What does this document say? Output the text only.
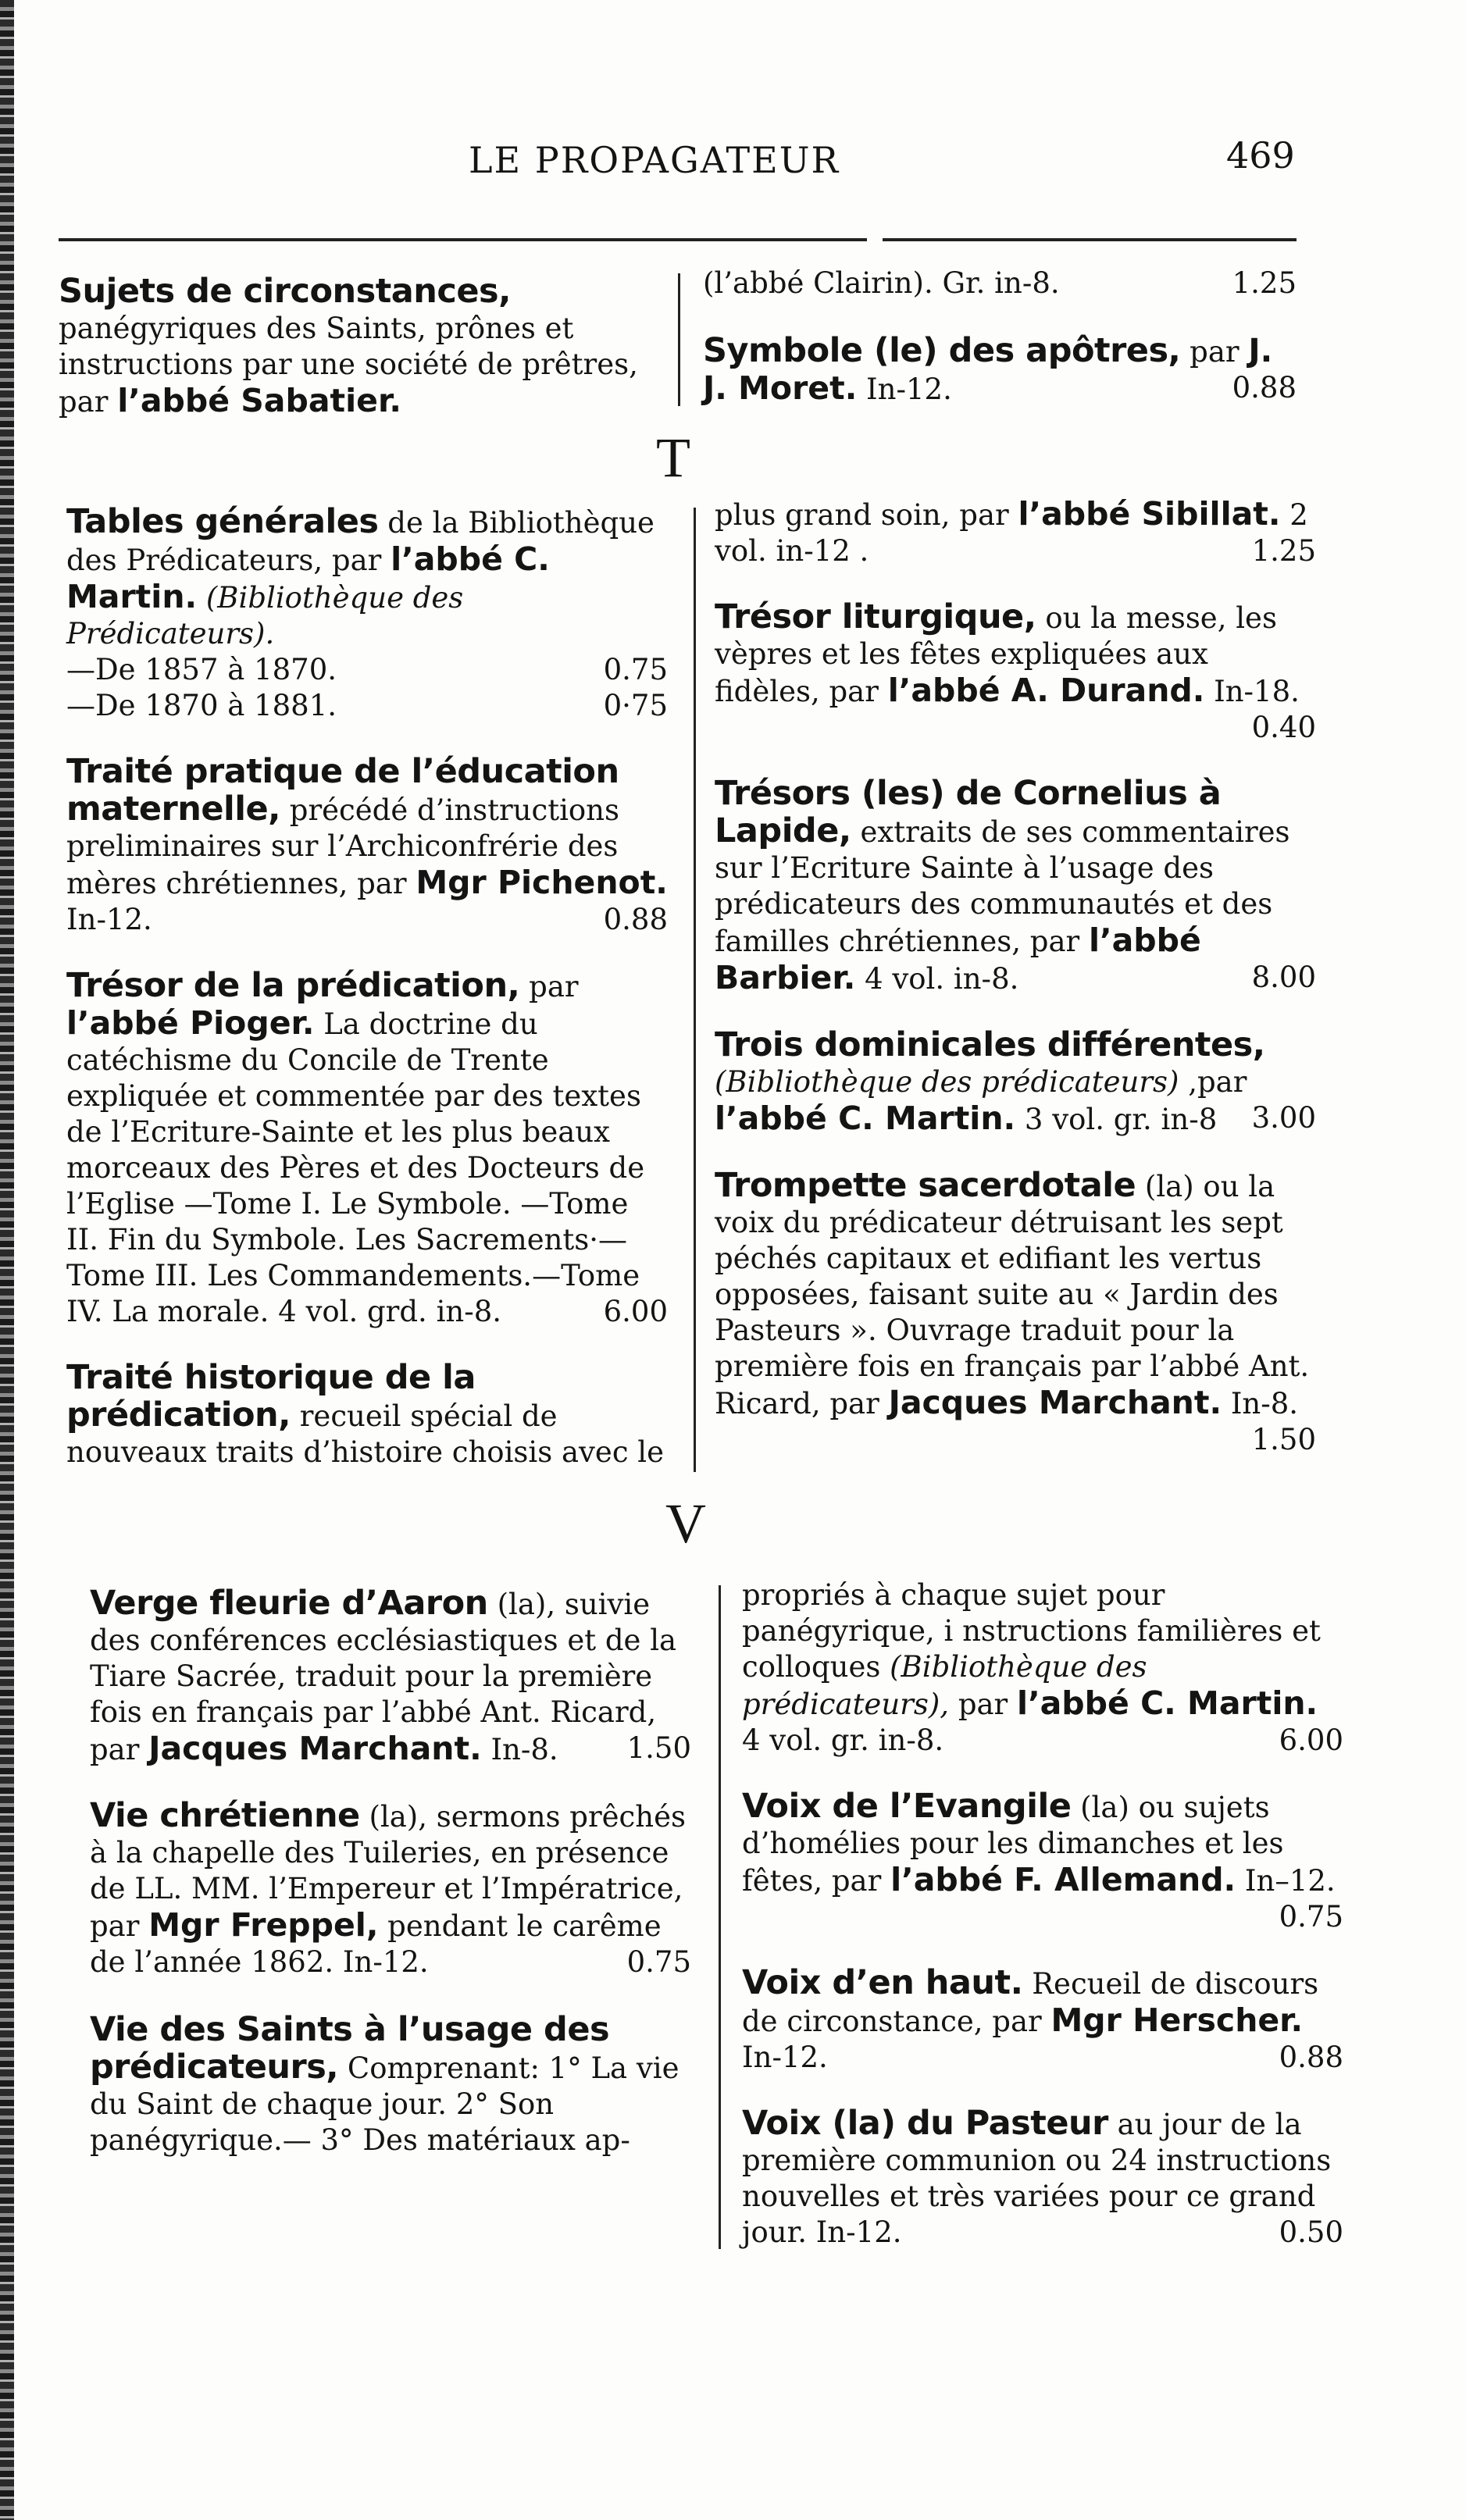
LE PROPAGATEUR	469
Sujets de circonstances, panégyriques des Saints, prônes et instructions par une société de prêtres, par l’abbé Sabatier.
(l’abbé Clairin). Gr. in-8.	1.25
Symbole (le) des apôtres, par J. J. Moret. In-12.	0.88
T
Tables générales de la Bibliothèque des Prédicateurs, par l’abbé C. Martin. (Bibliothèque des Prédicateurs).
—De 1857 à 1870.	0.75
—De 1870 à 1881.	0·75
Traité pratique de l’éducation maternelle, précédé d’instructions preliminaires sur l’Archiconfrérie des mères chrétiennes, par Mgr Pichenot. In-12.	0.88
Trésor de la prédication, par l’abbé Pioger. La doctrine du catéchisme du Concile de Trente expliquée et commentée par des textes de l’Ecriture-Sainte et les plus beaux morceaux des Pères et des Docteurs de l’Eglise —Tome I. Le Symbole. —Tome II. Fin du Symbole. Les Sacrements·—Tome III. Les Commandements.—Tome IV. La morale. 4 vol. grd. in-8.	6.00
Traité historique de la prédication, recueil spécial de nouveaux traits d’histoire choisis avec le
plus grand soin, par l’abbé Sibillat. 2 vol. in-12 .	1.25
Trésor liturgique, ou la messe, les vèpres et les fêtes expliquées aux fidèles, par l’abbé A. Durand. In-18.
0.40
Trésors (les) de Cornelius à Lapide, extraits de ses commentaires sur l’Ecriture Sainte à l’usage des prédicateurs des communautés et des familles chrétiennes, par l’abbé Barbier. 4 vol. in-8.	8.00
Trois dominicales différentes, (Bibliothèque des prédicateurs) ,par l’abbé C. Martin. 3 vol. gr. in-8 3.00
Trompette sacerdotale (la) ou la voix du prédicateur détruisant les sept péchés capitaux et edifiant les vertus opposées, faisant suite au « Jardin des Pasteurs ». Ouvrage traduit pour la première fois en français par l’abbé Ant. Ricard, par Jacques Marchant. In-8.
1.50
V
Verge fleurie d’Aaron (la), suivie des conférences ecclésiastiques et de la Tiare Sacrée, traduit pour la première fois en français par l’abbé Ant. Ricard, par Jacques Marchant. In-8. 1.50
Vie chrétienne (la), sermons prêchés à la chapelle des Tuileries, en présence de LL. MM. l’Empereur et l’Impératrice, par Mgr Freppel, pendant le carême de l’année 1862. In-12.	0.75
Vie des Saints à l’usage des prédicateurs, Comprenant: 1° La vie du Saint de chaque jour. 2° Son panégyrique.— 3° Des matériaux ap-
propriés à chaque sujet pour panégyrique, i nstructions familières et colloques (Bibliothèque des prédicateurs), par l’abbé C. Martin. 4 vol. gr. in-8.	6.00
Voix de l’Evangile (la) ou sujets d’homélies pour les dimanches et les fêtes, par l’abbé F. Allemand. In–12.
0.75
Voix d’en haut. Recueil de discours de circonstance, par Mgr Herscher. In-12.	0.88
Voix (la) du Pasteur au jour de la première communion ou 24 instructions nouvelles et très variées pour ce grand jour. In-12.	0.50
